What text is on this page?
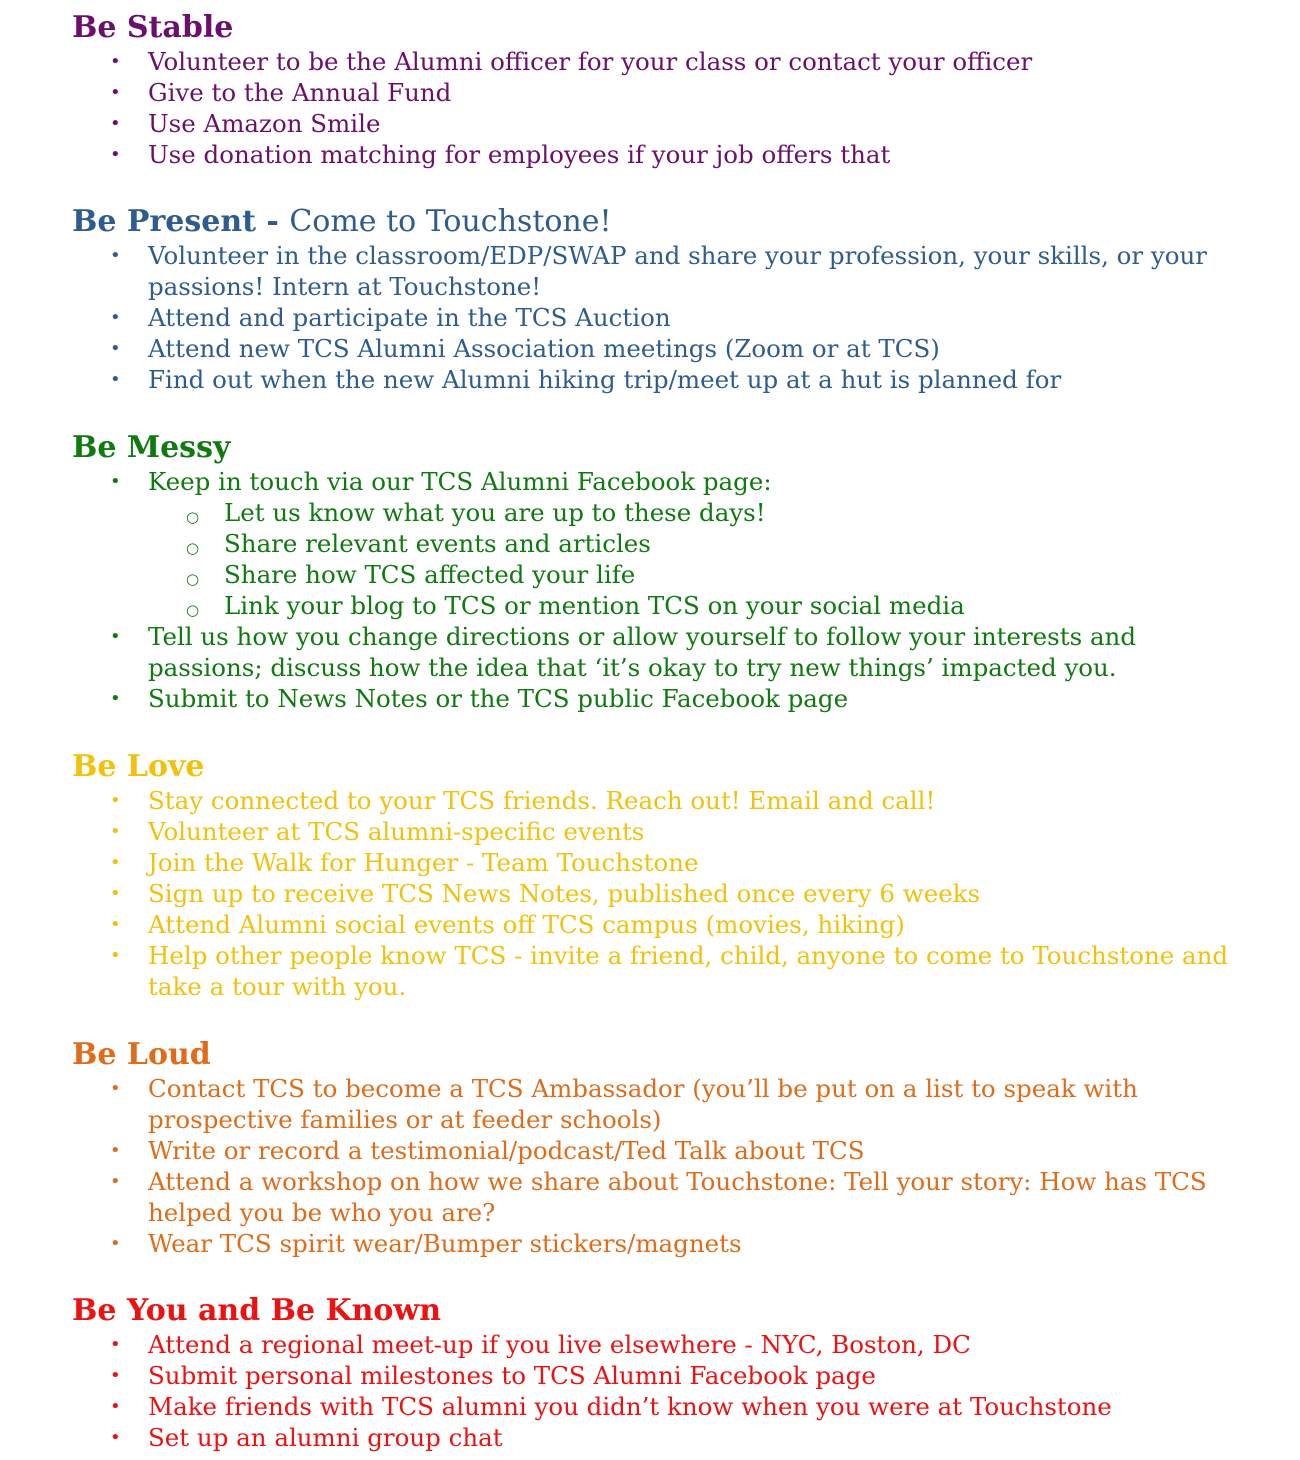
Be Stable
• Volunteer to be the Alumni officer for your class or contact your officer
• Give to the Annual Fund
• Use Amazon Smile
• Use donation matching for employees if your job offers that
Be Present - Come to Touchstone!
• Volunteer in the classroom/EDP/SWAP and share your profession, your skills, or your passions! Intern at Touchstone!
• Attend and participate in the TCS Auction
• Attend new TCS Alumni Association meetings (Zoom or at TCS)
• Find out when the new Alumni hiking trip/meet up at a hut is planned for
Be Messy
• Keep in touch via our TCS Alumni Facebook page:
○ Let us know what you are up to these days!
○ Share relevant events and articles
○ Share how TCS affected your life
○ Link your blog to TCS or mention TCS on your social media
• Tell us how you change directions or allow yourself to follow your interests and passions; discuss how the idea that ‘it’s okay to try new things’ impacted you.
• Submit to News Notes or the TCS public Facebook page
Be Love
• Stay connected to your TCS friends. Reach out! Email and call!
• Volunteer at TCS alumni-specific events
• Join the Walk for Hunger - Team Touchstone
• Sign up to receive TCS News Notes, published once every 6 weeks
• Attend Alumni social events off TCS campus (movies, hiking)
• Help other people know TCS - invite a friend, child, anyone to come to Touchstone and take a tour with you.
Be Loud
• Contact TCS to become a TCS Ambassador (you’ll be put on a list to speak with prospective families or at feeder schools)
• Write or record a testimonial/podcast/Ted Talk about TCS
• Attend a workshop on how we share about Touchstone: Tell your story: How has TCS helped you be who you are?
• Wear TCS spirit wear/Bumper stickers/magnets
Be You and Be Known
• Attend a regional meet-up if you live elsewhere - NYC, Boston, DC
• Submit personal milestones to TCS Alumni Facebook page
• Make friends with TCS alumni you didn’t know when you were at Touchstone
• Set up an alumni group chat
